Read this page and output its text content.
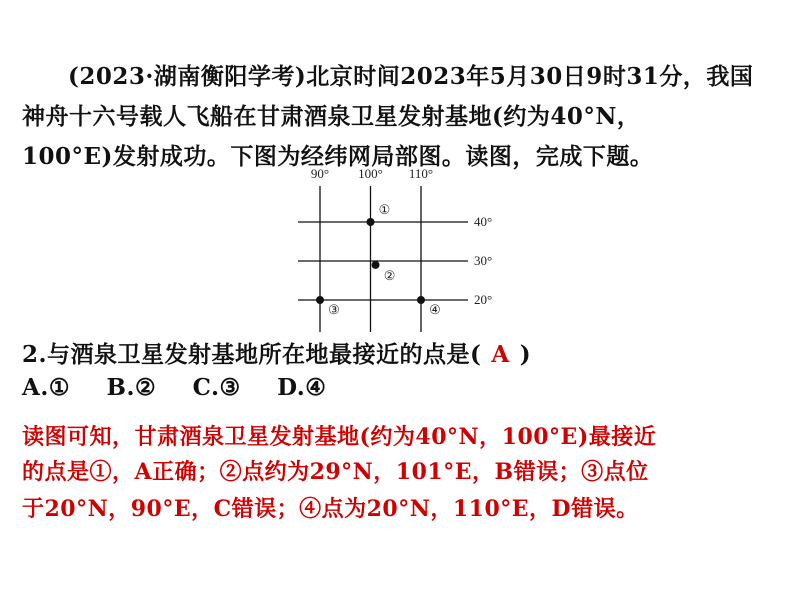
(2023·湖南衡阳学考)北京时间2023年5月30日9时31分，我国
神舟十六号载人飞船在甘肃酒泉卫星发射基地(约为40°N，
100°E)发射成功。下图为经纬网局部图。读图，完成下题。
90° 100° 110°
40°
30°
20°
①
②
③	④
2.与酒泉卫星发射基地所在地最接近的点是( A )
A.① B.② C.③ D.④
读图可知，甘肃酒泉卫星发射基地(约为40°N，100°E)最接近
的点是①，A正确；②点约为29°N，101°E，B错误；③点位
于20°N，90°E，C错误；④点为20°N，110°E，D错误。
